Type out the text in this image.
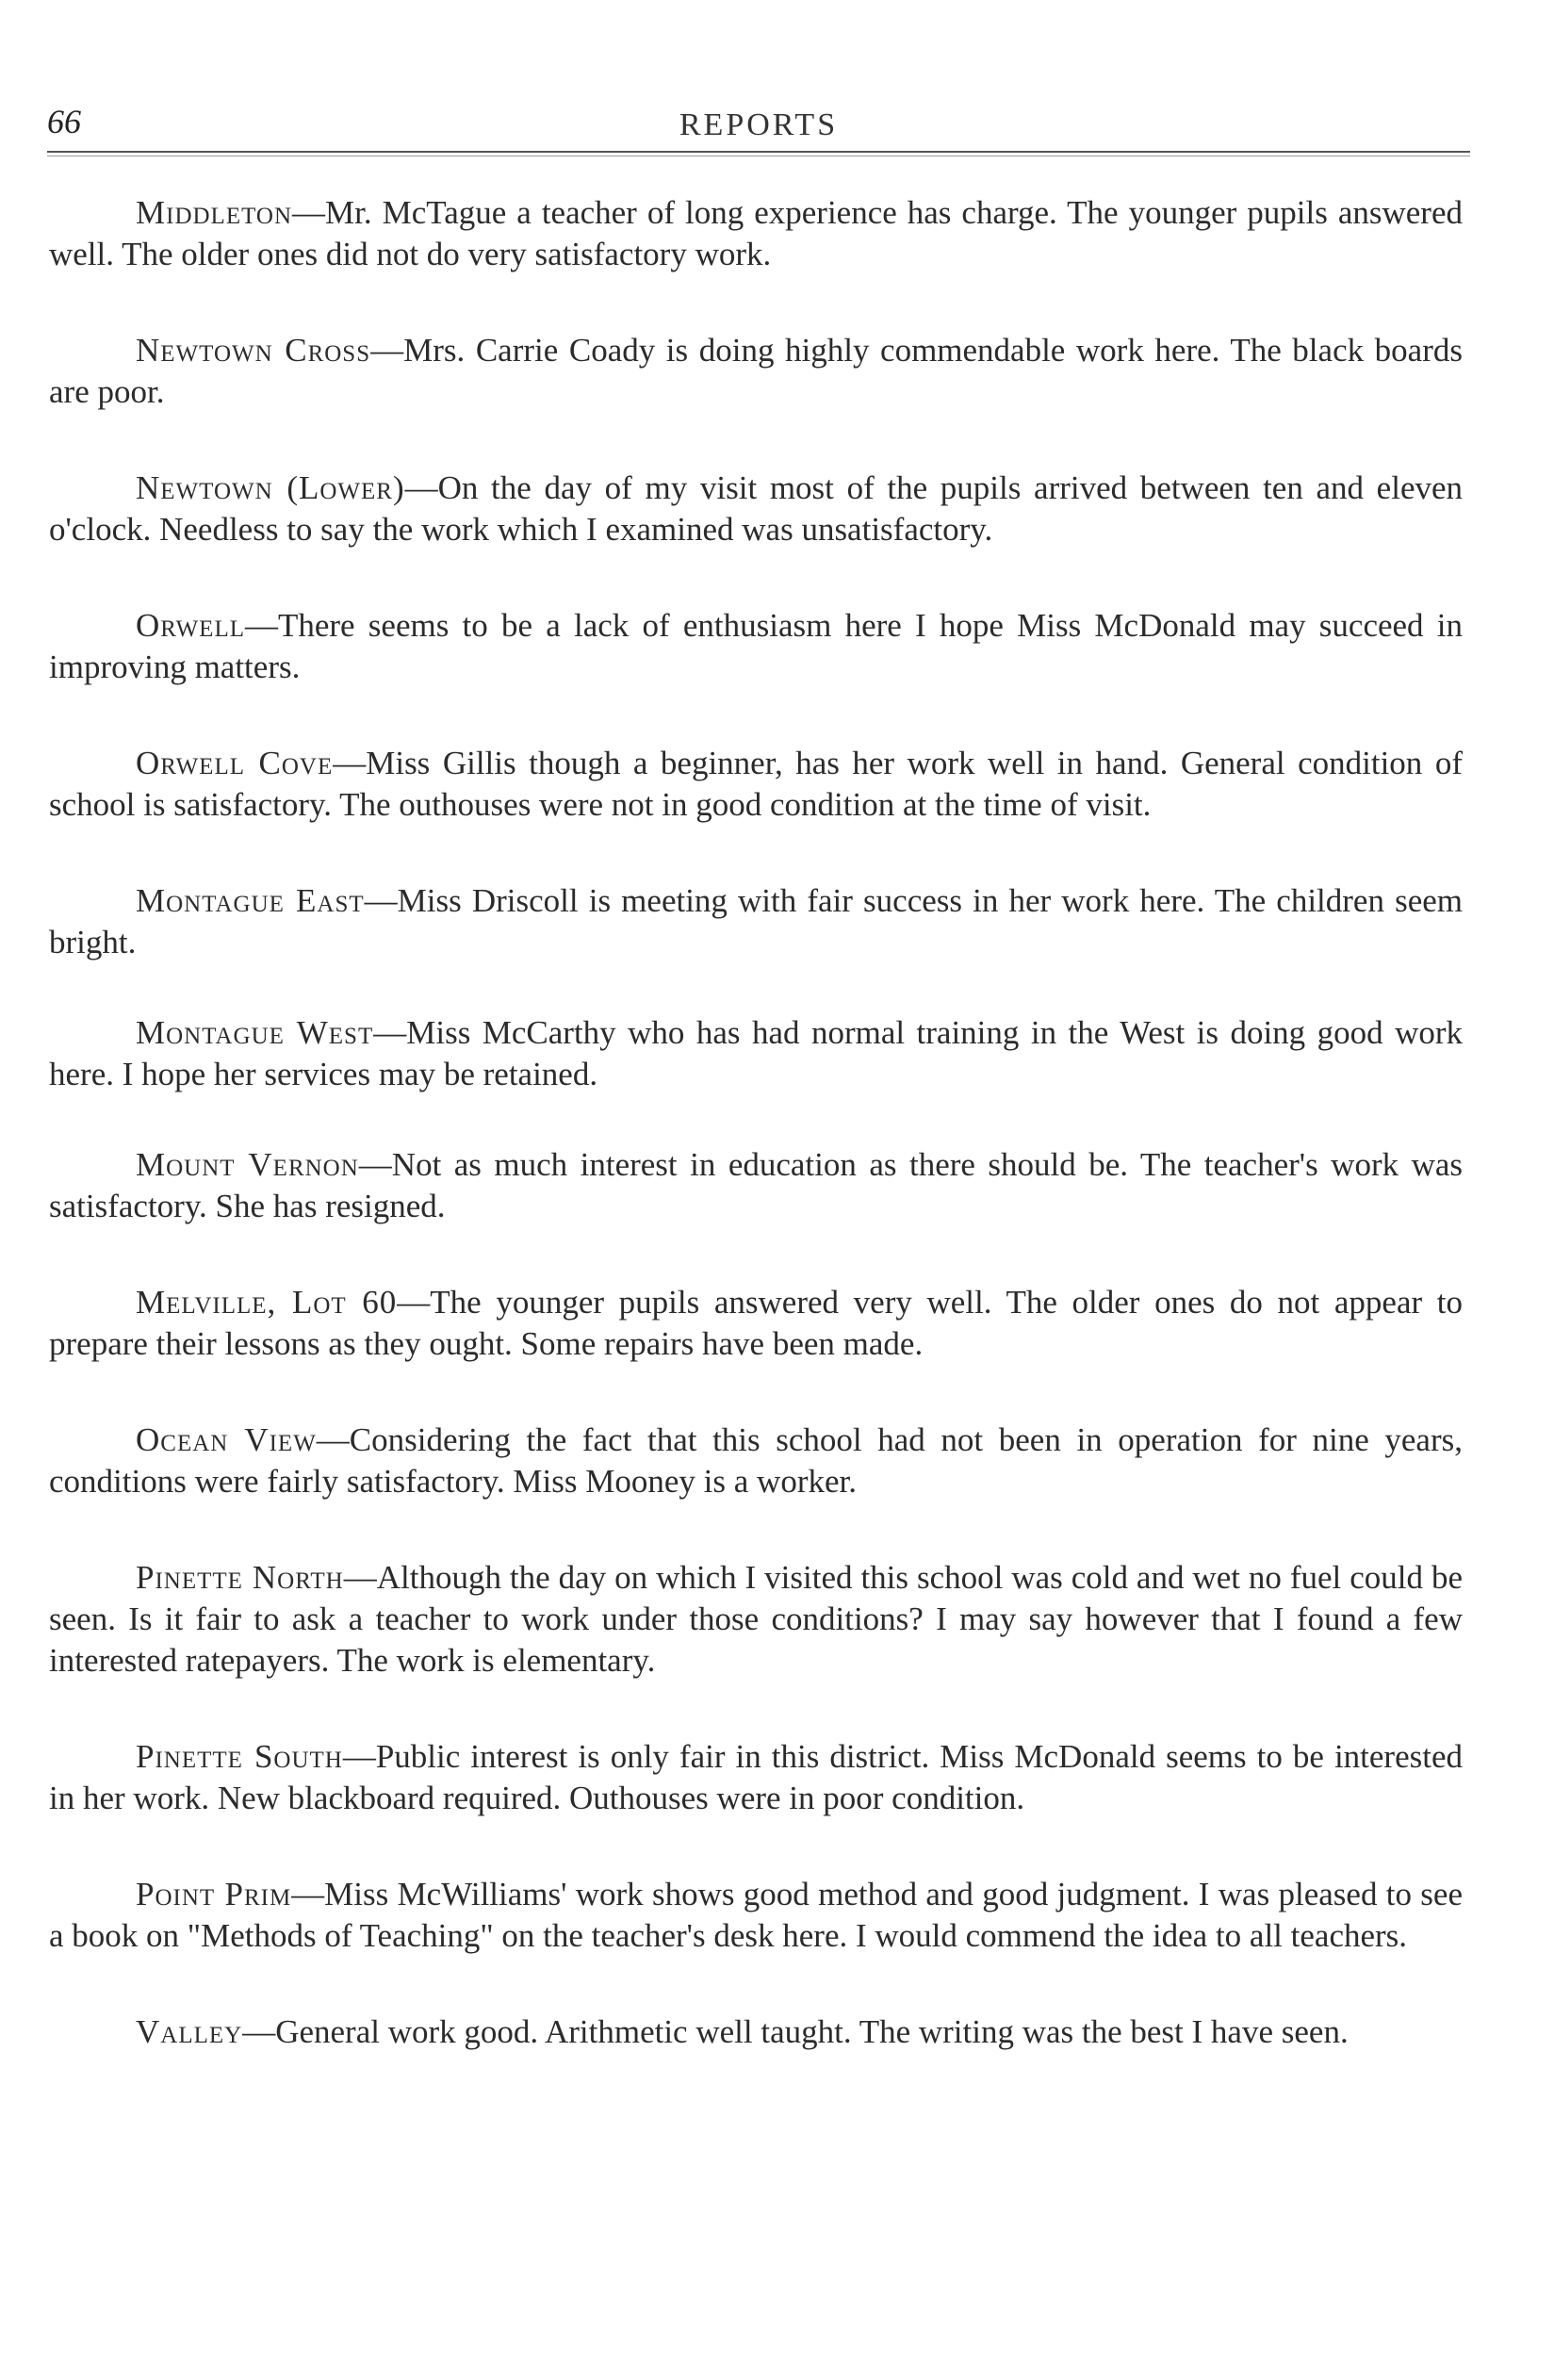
66	REPORTS

Middleton—Mr. McTague a teacher of long experience has charge. The younger pupils answered well. The older ones did not do very satisfactory work.

Newtown Cross—Mrs. Carrie Coady is doing highly commendable work here. The black boards are poor.

Newtown (Lower)—On the day of my visit most of the pupils arrived between ten and eleven o'clock. Needless to say the work which I examined was unsatisfactory.

Orwell—There seems to be a lack of enthusiasm here I hope Miss McDonald may succeed in improving matters.

Orwell Cove—Miss Gillis though a beginner, has her work well in hand. General condition of school is satisfactory. The outhouses were not in good condition at the time of visit.

Montague East—Miss Driscoll is meeting with fair success in her work here. The children seem bright.

Montague West—Miss McCarthy who has had normal training in the West is doing good work here. I hope her services may be retained.

Mount Vernon—Not as much interest in education as there should be. The teacher's work was satisfactory. She has resigned.

Melville, Lot 60—The younger pupils answered very well. The older ones do not appear to prepare their lessons as they ought. Some repairs have been made.

Ocean View—Considering the fact that this school had not been in operation for nine years, conditions were fairly satisfactory. Miss Mooney is a worker.

Pinette North—Although the day on which I visited this school was cold and wet no fuel could be seen. Is it fair to ask a teacher to work under those conditions? I may say however that I found a few interested ratepayers. The work is elementary.

Pinette South—Public interest is only fair in this district. Miss McDonald seems to be interested in her work. New blackboard required. Outhouses were in poor condition.

Point Prim—Miss McWilliams' work shows good method and good judgment. I was pleased to see a book on "Methods of Teaching" on the teacher's desk here. I would commend the idea to all teachers.

Valley—General work good. Arithmetic well taught. The writing was the best I have seen.
